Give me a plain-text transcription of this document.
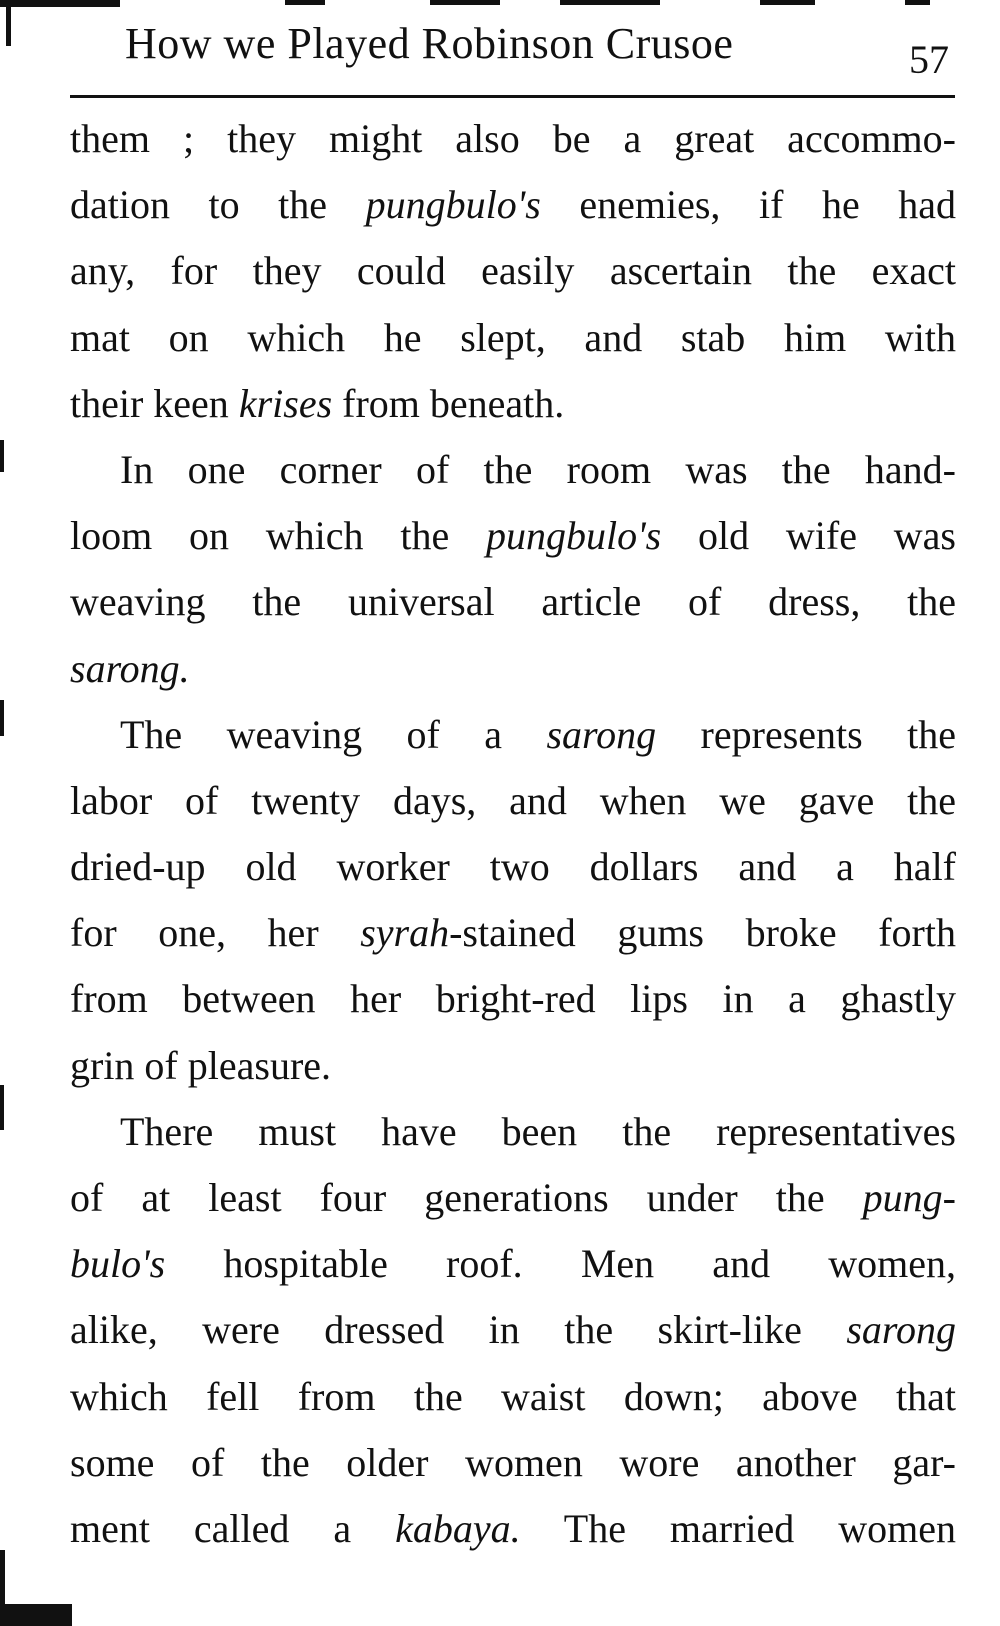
How we Played Robinson Crusoe	57
them ; they might also be a great accommo-
dation to the pungbulo's enemies, if he had
any, for they could easily ascertain the exact
mat on which he slept, and stab him with
their keen krises from beneath.
In one corner of the room was the hand-
loom on which the pungbulo's old wife was
weaving the universal article of dress, the
sarong.
The weaving of a sarong represents the
labor of twenty days, and when we gave the
dried-up old worker two dollars and a half
for one, her syrah-stained gums broke forth
from between her bright-red lips in a ghastly
grin of pleasure.
There must have been the representatives
of at least four generations under the pung-
bulo's hospitable roof. Men and women,
alike, were dressed in the skirt-like sarong
which fell from the waist down; above that
some of the older women wore another gar-
ment called a kabaya. The married women
